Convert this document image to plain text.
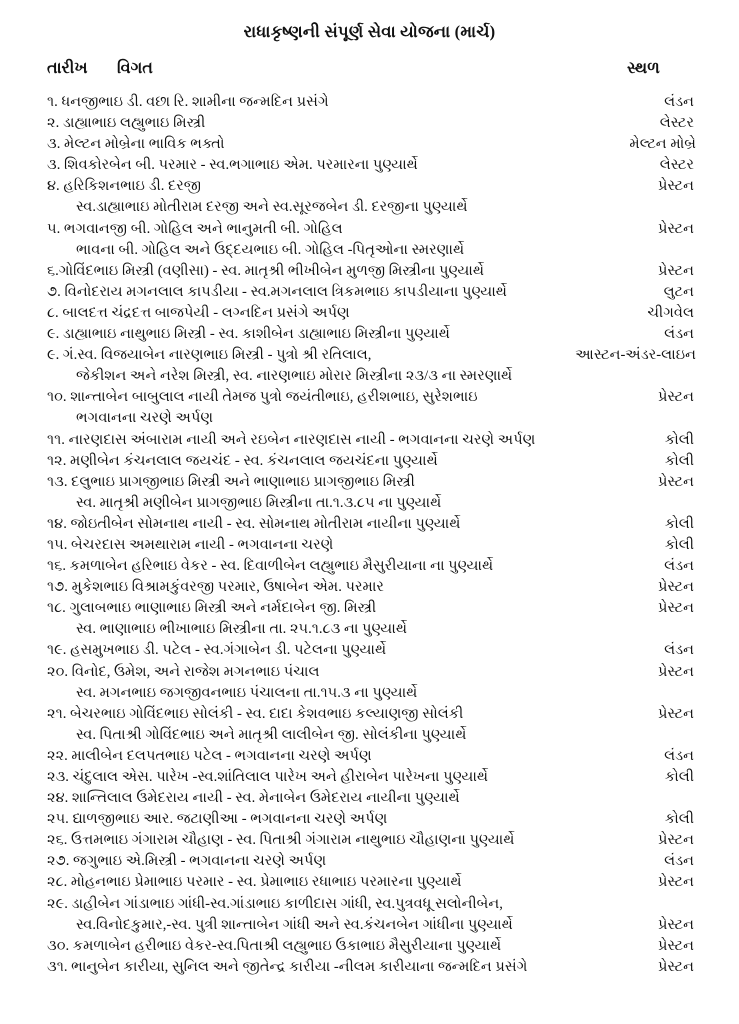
રાધાકૃષ્ણની સંપૂર્ણ સેવા યોજના (માર્ચ)
તારીખ વિગત	સ્થળ
૧. ધનજીભાઇ ડી. વછા રિ. શામીના જન્મદિન પ્રસંગે	લંડન
૨. ડાહ્યાભાઇ લહ્યુભાઇ મિસ્ત્રી	લેસ્ટર
૩. મેલ્ટન મોબ્રેના ભાવિક ભક્તો	મેલ્ટન મોબ્રે
૩. શિવકોરબેન બી. પરમાર - સ્વ.ભગાભાઇ એમ. પરમારના પુણ્યાર્થે	લેસ્ટર
૪. હરિકિશનભાઇ ડી. દરજી	પ્રેસ્ટન
સ્વ.ડાહ્યાભાઇ મોતીરામ દરજી અને સ્વ.સૂરજબેન ડી. દરજીના પુણ્યાર્થે
૫. ભગવાનજી બી. ગોહિલ અને ભાનુમતી બી. ગોહિલ	પ્રેસ્ટન
ભાવના બી. ગોહિલ અને ઉદ્દયભાઇ બી. ગોહિલ -પિતૃઓના સ્મરણાર્થે
૬.ગોવિંદભાઇ મિસ્ત્રી (વણીસા) - સ્વ. માતૃશ્રી ભીખીબેન મુળજી મિસ્ત્રીના પુણ્યાર્થે	પ્રેસ્ટન
૭. વિનોદરાય મગનલાલ કાપડીયા - સ્વ.મગનલાલ ત્રિકમભાઇ કાપડીયાના પુણ્યાર્થે	લુટન
૮. બાલદત્ત ચંદ્રદત્ત બાજપેયી - લગ્નદિન પ્રસંગે અર્પણ	ચીગવેલ
૯. ડાહ્યાભાઇ નાથુભાઇ મિસ્ત્રી - સ્વ. કાશીબેન ડાહ્યાભાઇ મિસ્ત્રીના પુણ્યાર્થે	લંડન
૯. ગં.સ્વ. વિજયાબેન નારણભાઇ મિસ્ત્રી - પુત્રો શ્રી રતિલાલ,	આસ્ટન-અંડર-લાઇન
જેકીશન અને નરેશ મિસ્ત્રી, સ્વ. નારણભાઇ મોરાર મિસ્ત્રીના ૨૩/૩ ના સ્મરણાર્થે
૧૦. શાન્તાબેન બાબુલાલ નાયી તેમજ પુત્રો જયંતીભાઇ, હરીશભાઇ, સુરેશભાઇ	પ્રેસ્ટન
ભગવાનના ચરણે અર્પણ
૧૧. નારણદાસ અંબારામ નાયી અને રઇબેન નારણદાસ નાયી - ભગવાનના ચરણે અર્પણ	કોલી
૧૨. મણીબેન કંચનલાલ જયચંદ - સ્વ. કંચનલાલ જયચંદના પુણ્યાર્થે	કોલી
૧૩. દલુભાઇ પ્રાગજીભાઇ મિસ્ત્રી અને ભાણાભાઇ પ્રાગજીભાઇ મિસ્ત્રી	પ્રેસ્ટન
સ્વ. માતૃશ્રી મણીબેન પ્રાગજીભાઇ મિસ્ત્રીના તા.૧.૩.૮૫ ના પુણ્યાર્થે
૧૪. જોઇતીબેન સોમનાથ નાયી - સ્વ. સોમનાથ મોતીરામ નાયીના પુણ્યાર્થે	કોલી
૧૫. બેચરદાસ અમથારામ નાયી - ભગવાનના ચરણે	કોલી
૧૬. કમળાબેન હરિભાઇ વેકર - સ્વ. દિવાળીબેન લહ્યુભાઇ મૈસુરીયાના ના પુણ્યાર્થે	લંડન
૧૭. મુકેશભાઇ વિશ્રામકુંવરજી પરમાર, ઉષાબેન એમ. પરમાર	પ્રેસ્ટન
૧૮. ગુલાબભાઇ ભાણાભાઇ મિસ્ત્રી અને નર્મદાબેન જી. મિસ્ત્રી	પ્રેસ્ટન
સ્વ. ભાણાભાઇ ભીખાભાઇ મિસ્ત્રીના તા. ૨૫.૧.૮૩ ના પુણ્યાર્થે
૧૯. હસમુખભાઇ ડી. પટેલ - સ્વ.ગંગાબેન ડી. પટેલના પુણ્યાર્થે	લંડન
૨૦. વિનોદ, ઉમેશ, અને રાજેશ મગનભાઇ પંચાલ	પ્રેસ્ટન
સ્વ. મગનભાઇ જગજીવનભાઇ પંચાલના તા.૧૫.૩ ના પુણ્યાર્થે
૨૧. બેચરભાઇ ગોવિંદભાઇ સોલંકી - સ્વ. દાદા કેશવભાઇ કલ્યાણજી સોલંકી	પ્રેસ્ટન
સ્વ. પિતાશ્રી ગોવિંદભાઇ અને માતૃશ્રી લાલીબેન જી. સોલંકીના પુણ્યાર્થે
૨૨. માલીબેન દલપતભાઇ પટેલ - ભગવાનના ચરણે અર્પણ	લંડન
૨૩. ચંદુલાલ એસ. પારેખ -સ્વ.શાંતિલાલ પારેખ અને હીરાબેન પારેખના પુણ્યાર્થે	કોલી
૨૪. શાન્તિલાલ ઉમેદરાય નાયી - સ્વ. મેનાબેન ઉમેદરાય નાયીના પુણ્યાર્થે
૨૫. દ્યાળજીભાઇ આર. જટાણીઆ - ભગવાનના ચરણે અર્પણ	કોલી
૨૬. ઉત્તમભાઇ ગંગારામ ચૌહાણ - સ્વ. પિતાશ્રી ગંગારામ નાથુભાઇ ચૌહાણના પુણ્યાર્થે	પ્રેસ્ટન
૨૭. જગુભાઇ એ.મિસ્ત્રી - ભગવાનના ચરણે અર્પણ	લંડન
૨૮. મોહનભાઇ પ્રેમાભાઇ પરમાર - સ્વ. પ્રેમાભાઇ રધાભાઇ પરમારના પુણ્યાર્થે	પ્રેસ્ટન
૨૯. ડાહીબેન ગાંડાભાઇ ગાંધી-સ્વ.ગાંડાભાઇ કાળીદાસ ગાંધી, સ્વ.પુત્રવધૂ સલોનીબેન,
સ્વ.વિનોદકુમાર,-સ્વ. પુત્રી શાન્તાબેન ગાંધી અને સ્વ.કંચનબેન ગાંધીના પુણ્યાર્થે	પ્રેસ્ટન
૩૦. કમળાબેન હરીભાઇ વેકર-સ્વ.પિતાશ્રી લહ્યુભાઇ ઉકાભાઇ મૈસુરીયાના પુણ્યાર્થે	પ્રેસ્ટન
૩૧. ભાનુબેન કારીયા, સુનિલ અને જીતેન્દ્ર કારીયા -નીલમ કારીયાના જન્મદિન પ્રસંગે	પ્રેસ્ટન
